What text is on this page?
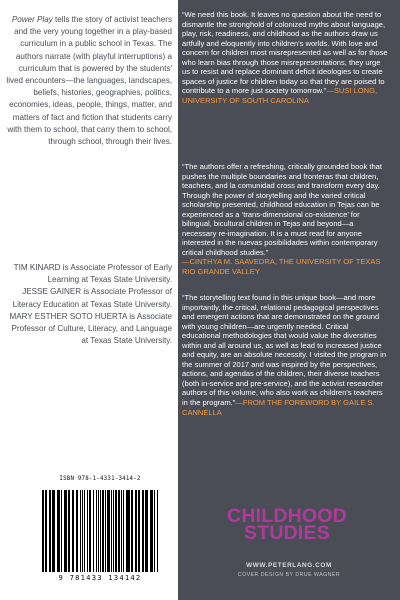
Power Play tells the story of activist teachers and the very young together in a play-based curriculum in a public school in Texas. The authors narrate (with playful interruptions) a curriculum that is powered by the students' lived encounters—the languages, landscapes, beliefs, histories, geographies, politics, economies, ideas, people, things, matter, and matters of fact and fiction that students carry with them to school, that carry them to school, through school, through their lives.

TIM KINARD is Associate Professor of Early Learning at Texas State University.
JESSE GAINER is Associate Professor of Literacy Education at Texas State University.
MARY ESTHER SOTO HUERTA is Associate Professor of Culture, Literacy, and Language at Texas State University.
ISBN 978-1-4331-3414-2
9 781433 134142

“We need this book. It leaves no question about the need to dismantle the stronghold of colonized myths about language, play, risk, readiness, and childhood as the authors draw us artfully and eloquently into children's worlds. With love and concern for children most misrepresented as well as for those who learn bias through those misrepresentations, they urge us to resist and replace dominant deficit ideologies to create spaces of justice for children today so that they are poised to contribute to a more just society tomorrow.”—SUSI LONG, UNIVERSITY OF SOUTH CAROLINA

“The authors offer a refreshing, critically grounded book that pushes the multiple boundaries and fronteras that children, teachers, and la comunidad cross and transform every day. Through the power of storytelling and the varied critical scholarship presented, childhood education in Tejas can be experienced as a ‘trans-dimensional co-existence’ for bilingual, bicultural children in Tejas and beyond—a necessary re-imagination. It is a must read for anyone interested in the nuevas posibilidades within contemporary critical childhood studies.”
—CINTHYA M. SAAVEDRA, THE UNIVERSITY OF TEXAS RIO GRANDE VALLEY

“The storytelling text found in this unique book—and more importantly, the critical, relational pedagogical perspectives and emergent actions that are demonstrated on the ground with young children—are urgently needed. Critical educational methodologies that would value the diversities within and all around us, as well as lead to increased justice and equity, are an absolute necessity. I visited the program in the summer of 2017 and was inspired by the perspectives, actions, and agendas of the children, their diverse teachers (both in-service and pre-service), and the activist researcher authors of this volume, who also work as children's teachers in the program.”—FROM THE FOREWORD BY GAILE S. CANNELLA

CHILDHOOD STUDIES
WWW.PETERLANG.COM
COVER DESIGN BY DRUE WAGNER
